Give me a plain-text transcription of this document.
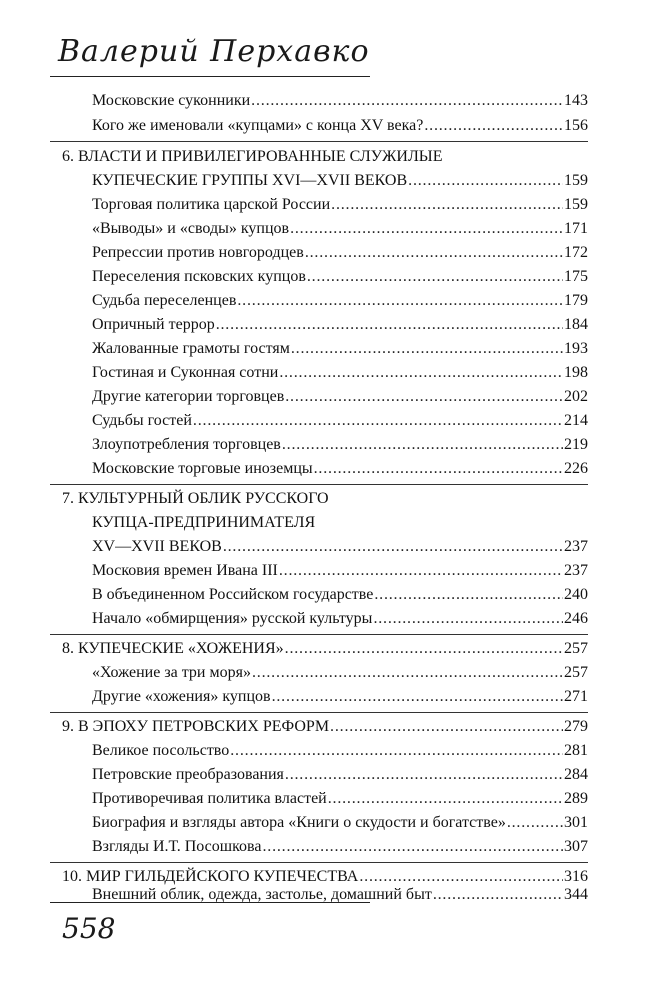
Валерий Перхавко
Московские суконники . . .	143
Кого же именовали «купцами» с конца XV века? . . .	156
6. ВЛАСТИ И ПРИВИЛЕГИРОВАННЫЕ СЛУЖИЛЫЕ
КУПЕЧЕСКИЕ ГРУППЫ XVI—XVII ВЕКОВ . . .	159
Торговая политика царской России . . .	159
«Выводы» и «своды» купцов . . .	171
Репрессии против новгородцев . . .	172
Переселения псковских купцов . . .	175
Судьба переселенцев . . .	179
Опричный террор . . .	184
Жалованные грамоты гостям . . .	193
Гостиная и Суконная сотни . . .	198
Другие категории торговцев . . .	202
Судьбы гостей . . .	214
Злоупотребления торговцев . . .	219
Московские торговые иноземцы . . .	226
7. КУЛЬТУРНЫЙ ОБЛИК РУССКОГО
КУПЦА-ПРЕДПРИНИМАТЕЛЯ
XV—XVII ВЕКОВ . . .	237
Московия времен Ивана III . . .	237
В объединенном Российском государстве . . .	240
Начало «обмирщения» русской культуры . . .	246
8. КУПЕЧЕСКИЕ «ХОЖЕНИЯ» . . .	257
«Хожение за три моря» . . .	257
Другие «хожения» купцов . . .	271
9. В ЭПОХУ ПЕТРОВСКИХ РЕФОРМ . . .	279
Великое посольство . . .	281
Петровские преобразования . . .	284
Противоречивая политика властей . . .	289
Биография и взгляды автора «Книги о скудости и богатстве» . . .	301
Взгляды И.Т. Посошкова . . .	307
10. МИР ГИЛЬДЕЙСКОГО КУПЕЧЕСТВА . . .	316
Внешний облик, одежда, застолье, домашний быт . . .	344
558
